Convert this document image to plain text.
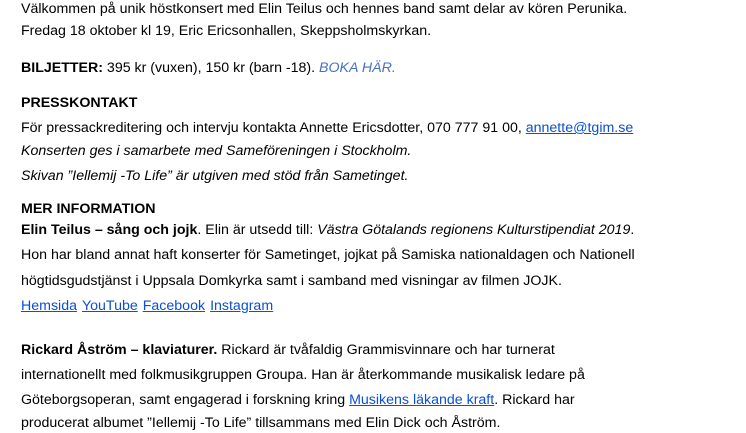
Välkommen på unik höstkonsert med Elin Teilus och hennes band samt delar av kören Perunika.
Fredag 18 oktober kl 19, Eric Ericsonhallen, Skeppsholmskyrkan.
BILJETTER: 395 kr (vuxen), 150 kr (barn -18). BOKA HÄR.
PRESSKONTAKT
För pressackreditering och intervju kontakta Annette Ericsdotter, 070 777 91 00, annette@tgim.se
Konserten ges i samarbete med Sameföreningen i Stockholm.
Skivan ”Iellemij -To Life” är utgiven med stöd från Sametinget.
MER INFORMATION
Elin Teilus – sång och jojk. Elin är utsedd till: Västra Götalands regionens Kulturstipendiat 2019.
Hon har bland annat haft konserter för Sametinget, jojkat på Samiska nationaldagen och Nationell
högtidsgudstjänst i Uppsala Domkyrka samt i samband med visningar av filmen JOJK.
Hemsida YouTube Facebook Instagram
Rickard Åström – klaviaturer. Rickard är tvåfaldig Grammisvinnare och har turnerat
internationellt med folkmusikgruppen Groupa. Han är återkommande musikalisk ledare på
Göteborgsoperan, samt engagerad i forskning kring Musikens läkande kraft. Rickard har
producerat albumet ”Iellemij -To Life” tillsammans med Elin Dick och Åström.
